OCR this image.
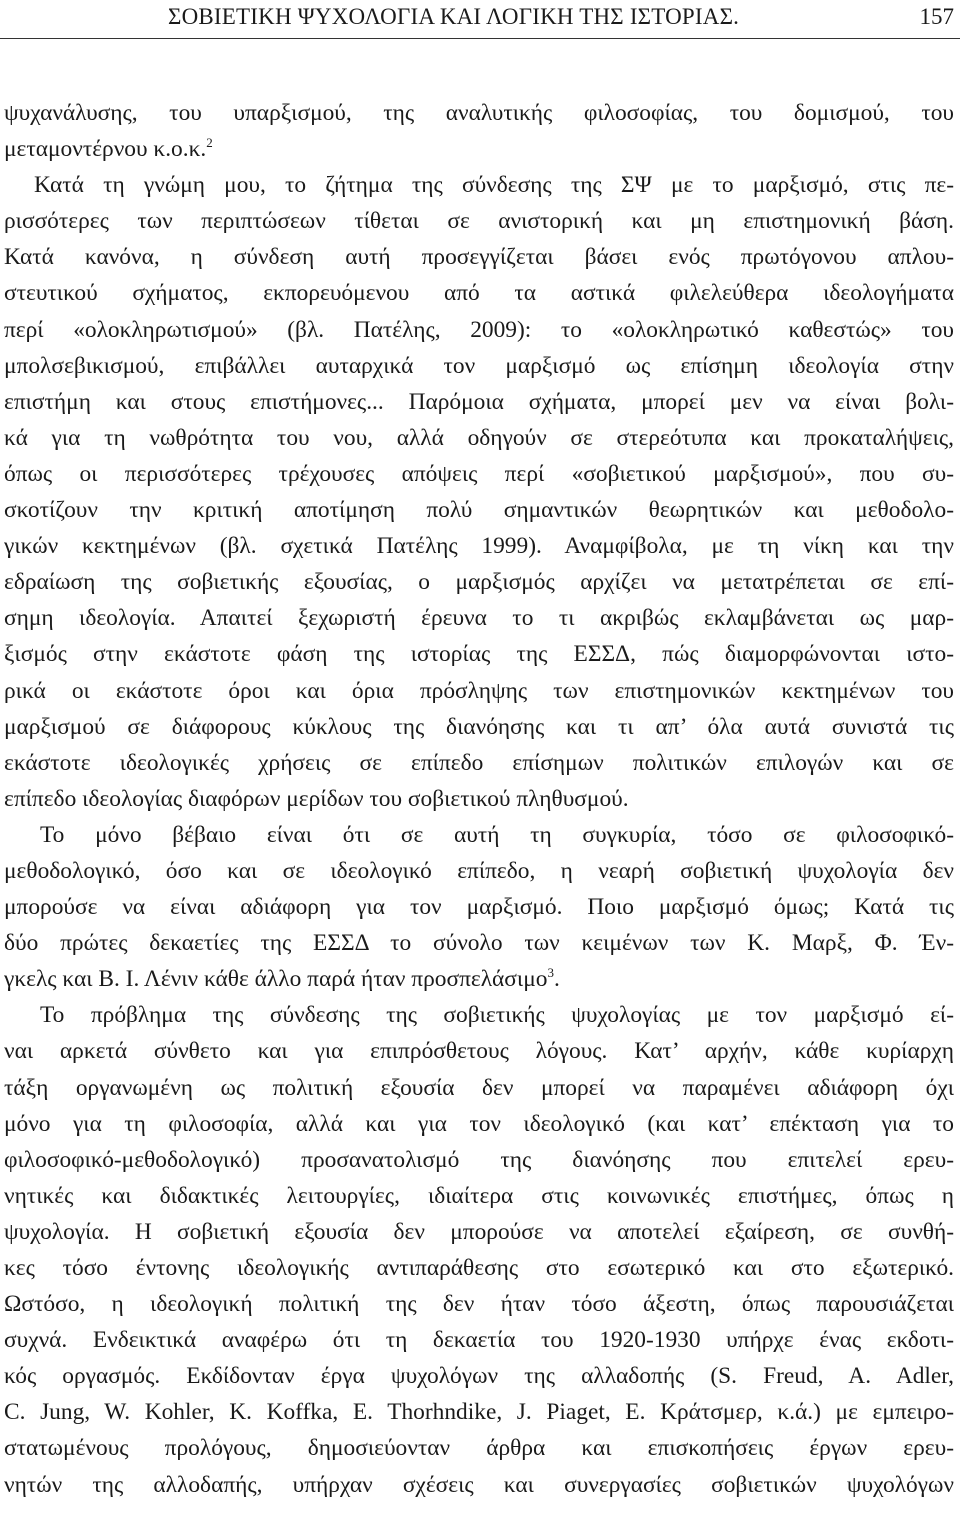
ΣΟΒΙΕΤΙΚΗ ΨΥΧΟΛΟΓΙΑ ΚΑΙ ΛΟΓΙΚΗ ΤΗΣ ΙΣΤΟΡΙΑΣ.	157
ψυχανάλυσης, του υπαρξισμού, της αναλυτικής φιλοσοφίας, του δομισμού, του
μεταμοντέρνου κ.ο.κ.$^2$
Κατά τη γνώμη μου, το ζήτημα της σύνδεσης της ΣΨ με το μαρξισμό, στις πε-
ρισσότερες των περιπτώσεων τίθεται σε ανιστορική και μη επιστημονική βάση.
Κατά κανόνα, η σύνδεση αυτή προσεγγίζεται βάσει ενός πρωτόγονου απλου-
στευτικού σχήματος, εκπορευόμενου από τα αστικά φιλελεύθερα ιδεολογήματα
περί «ολοκληρωτισμού» (βλ. Πατέλης, 2009): το «ολοκληρωτικό καθεστώς» του
μπολσεβικισμού, επιβάλλει αυταρχικά τον μαρξισμό ως επίσημη ιδεολογία στην
επιστήμη και στους επιστήμονες... Παρόμοια σχήματα, μπορεί μεν να είναι βολι-
κά για τη νωθρότητα του νου, αλλά οδηγούν σε στερεότυπα και προκαταλήψεις,
όπως οι περισσότερες τρέχουσες απόψεις περί «σοβιετικού μαρξισμού», που συ-
σκοτίζουν την κριτική αποτίμηση πολύ σημαντικών θεωρητικών και μεθοδολο-
γικών κεκτημένων (βλ. σχετικά Πατέλης 1999). Αναμφίβολα, με τη νίκη και την
εδραίωση της σοβιετικής εξουσίας, ο μαρξισμός αρχίζει να μετατρέπεται σε επί-
σημη ιδεολογία. Απαιτεί ξεχωριστή έρευνα το τι ακριβώς εκλαμβάνεται ως μαρ-
ξισμός στην εκάστοτε φάση της ιστορίας της ΕΣΣΔ, πώς διαμορφώνονται ιστο-
ρικά οι εκάστοτε όροι και όρια πρόσληψης των επιστημονικών κεκτημένων του
μαρξισμού σε διάφορους κύκλους της διανόησης και τι απ’ όλα αυτά συνιστά τις
εκάστοτε ιδεολογικές χρήσεις σε επίπεδο επίσημων πολιτικών επιλογών και σε
επίπεδο ιδεολογίας διαφόρων μερίδων του σοβιετικού πληθυσμού.
Το μόνο βέβαιο είναι ότι σε αυτή τη συγκυρία, τόσο σε φιλοσοφικό-
μεθοδολογικό, όσο και σε ιδεολογικό επίπεδο, η νεαρή σοβιετική ψυχολογία δεν
μπορούσε να είναι αδιάφορη για τον μαρξισμό. Ποιο μαρξισμό όμως; Κατά τις
δύο πρώτες δεκαετίες της ΕΣΣΔ το σύνολο των κειμένων των Κ. Μαρξ, Φ. Έν-
γκελς και Β. Ι. Λένιν κάθε άλλο παρά ήταν προσπελάσιμο$^3$.
Το πρόβλημα της σύνδεσης της σοβιετικής ψυχολογίας με τον μαρξισμό εί-
ναι αρκετά σύνθετο και για επιπρόσθετους λόγους. Κατ’ αρχήν, κάθε κυρίαρχη
τάξη οργανωμένη ως πολιτική εξουσία δεν μπορεί να παραμένει αδιάφορη όχι
μόνο για τη φιλοσοφία, αλλά και για τον ιδεολογικό (και κατ’ επέκταση για το
φιλοσοφικό-μεθοδολογικό) προσανατολισμό της διανόησης που επιτελεί ερευ-
νητικές και διδακτικές λειτουργίες, ιδιαίτερα στις κοινωνικές επιστήμες, όπως η
ψυχολογία. Η σοβιετική εξουσία δεν μπορούσε να αποτελεί εξαίρεση, σε συνθή-
κες τόσο έντονης ιδεολογικής αντιπαράθεσης στο εσωτερικό και στο εξωτερικό.
Ωστόσο, η ιδεολογική πολιτική της δεν ήταν τόσο άξεστη, όπως παρουσιάζεται
συχνά. Ενδεικτικά αναφέρω ότι τη δεκαετία του 1920-1930 υπήρχε ένας εκδοτι-
κός οργασμός. Εκδίδονταν έργα ψυχολόγων της αλλαδοπής (S. Freud, A. Adler,
C. Jung, W. Kohler, K. Koffka, E. Thorhndike, J. Piaget, E. Κράτσμερ, κ.ά.) με εμπειρο-
στατωμένους προλόγους, δημοσιεύονταν άρθρα και επισκοπήσεις έργων ερευ-
νητών της αλλοδαπής, υπήρχαν σχέσεις και συνεργασίες σοβιετικών ψυχολόγων
